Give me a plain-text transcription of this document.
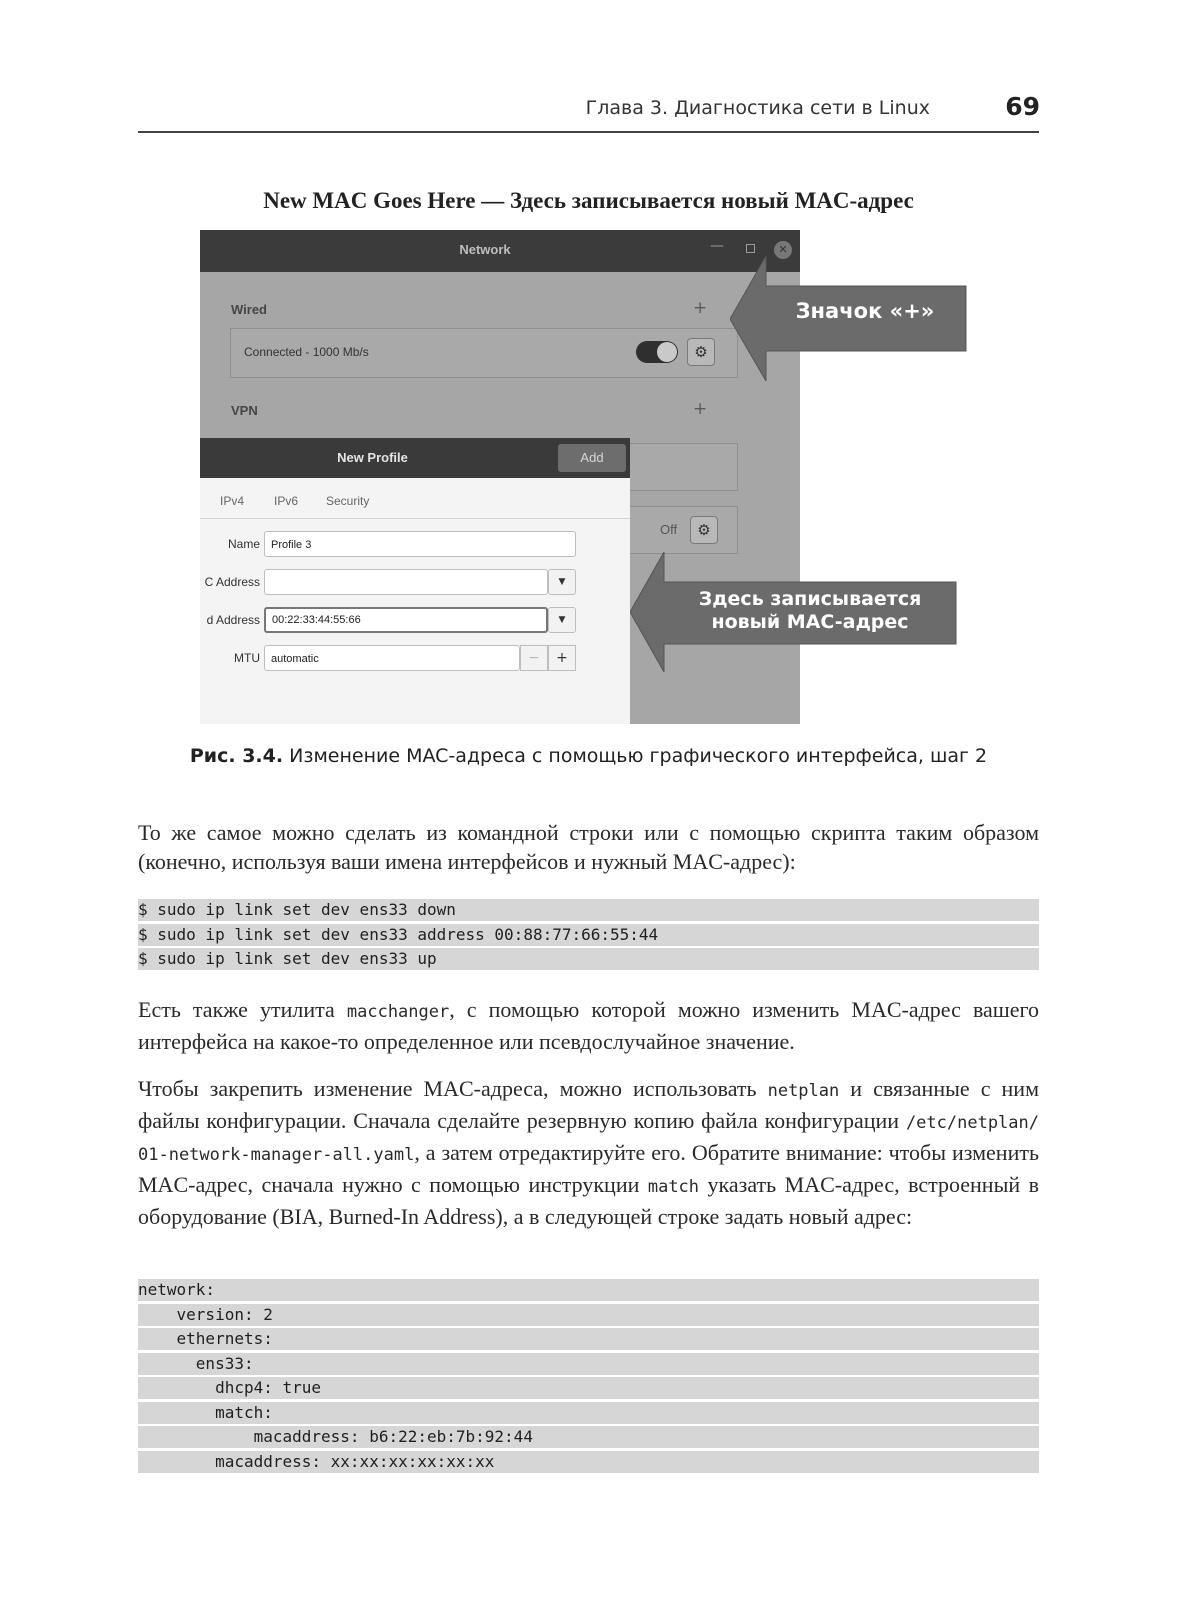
Глава 3. Диагностика сети в Linux	69
New MAC Goes Here — Здесь записывается новый MAC-адрес
Network	—	✕
Wired	+
Connected - 1000 Mb/s	⚙
VPN	+
Off	⚙
New Profile	Add
IPv4 IPv6 Security
Name	Profile 3
C Address	▼
d Address	00:22:33:44:55:66	▼
MTU	automatic	−	+
Значок «+»
Здесь записывается
новый MAC-адрес
Рис. 3.4. Изменение MAC-адреса с помощью графического интерфейса, шаг 2
То же самое можно сделать из командной строки или с помощью скрипта таким образом (конечно, используя ваши имена интерфейсов и нужный MAC-адрес):
$ sudo ip link set dev ens33 down
$ sudo ip link set dev ens33 address 00:88:77:66:55:44
$ sudo ip link set dev ens33 up
Есть также утилита macchanger, с помощью которой можно изменить MAC-адрес вашего интерфейса на какое-то определенное или псевдослучайное значение.
Чтобы закрепить изменение MAC-адреса, можно использовать netplan и связанные с ним файлы конфигурации. Сначала сделайте резервную копию файла конфигурации /etc/netplan/ 01-network-manager-all.yaml, а затем отредактируйте его. Обратите внимание: чтобы изменить MAC-адрес, сначала нужно с помощью инструкции match указать MAC-адрес, встроенный в оборудование (BIA, Burned-In Address), а в следующей строке задать новый адрес:
network:
version: 2
ethernets:
ens33:
dhcp4: true
match:
macaddress: b6:22:eb:7b:92:44
macaddress: xx:xx:xx:xx:xx:xx
